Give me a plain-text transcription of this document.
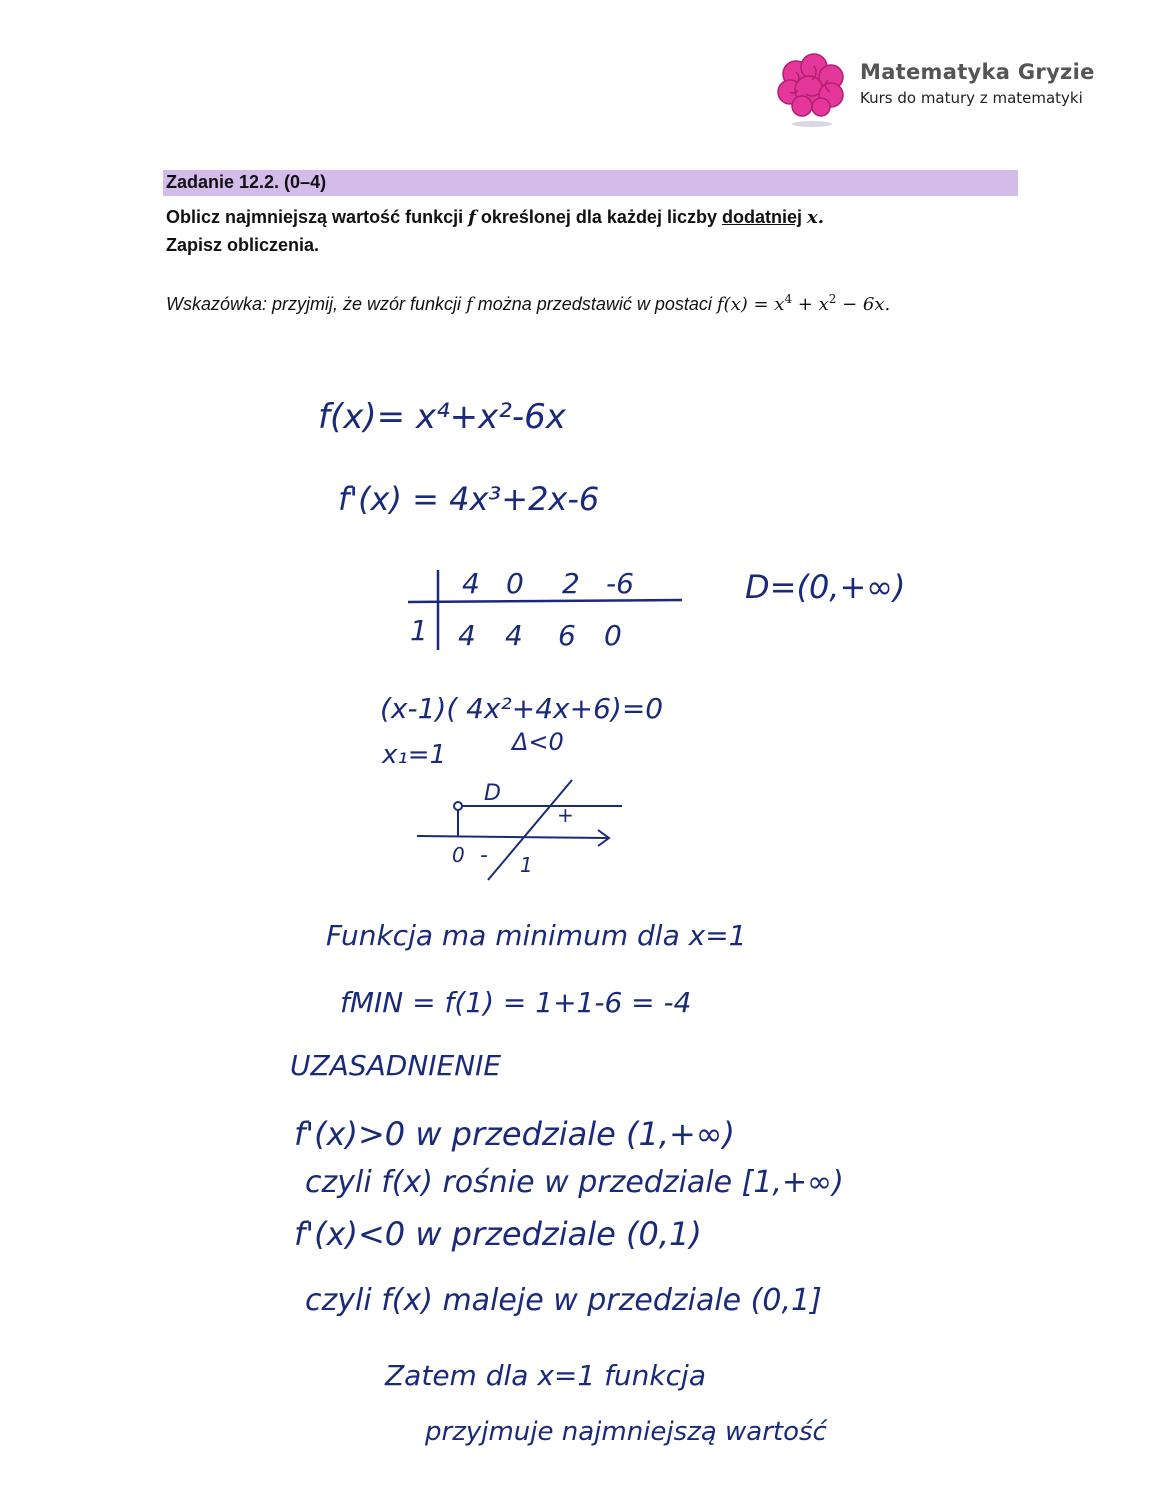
Matematyka Gryzie
Kurs do matury z matematyki
Zadanie 12.2. (0–4)
Oblicz najmniejszą wartość funkcji f określonej dla każdej liczby dodatniej x.
Zapisz obliczenia.
Wskazówka: przyjmij, że wzór funkcji f można przedstawić w postaci $f(x) = x^4 + x^2 - 6x$.
f(x)= x⁴+x²-6x
f'(x) = 4x³+2x-6
4 0 2 -6
1 4 4 6 0
D=(0,+∞)
(x-1)( 4x²+4x+6)=0
Δ<0
x₁=1
D
+
-
0	1
Funkcja ma minimum dla x=1
fMIN = f(1) = 1+1-6 = -4
UZASADNIENIE
f'(x)>0 w przedziale (1,+∞)
czyli f(x) rośnie w przedziale [1,+∞)
f'(x)<0 w przedziale (0,1)
czyli f(x) maleje w przedziale (0,1]
Zatem dla x=1 funkcja
przyjmuje najmniejszą wartość
